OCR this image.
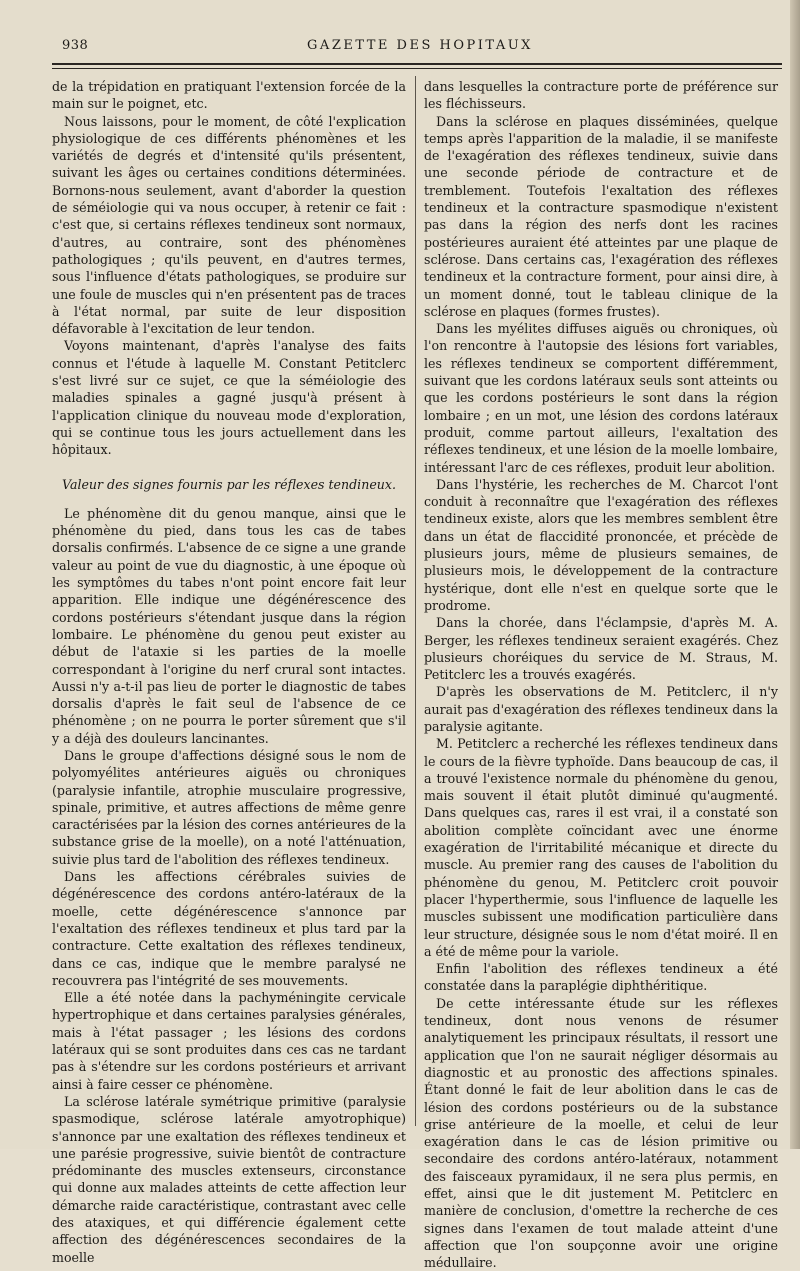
938	GAZETTE DES HOPITAUX

de la trépidation en pratiquant l'extension forcée de la main sur le poignet, etc.

Nous laissons, pour le moment, de côté l'explication physiologique de ces différents phénomènes et les variétés de degrés et d'intensité qu'ils présentent, suivant les âges ou certaines conditions déterminées. Bornons-nous seulement, avant d'aborder la question de séméiologie qui va nous occuper, à retenir ce fait : c'est que, si certains réflexes tendineux sont normaux, d'autres, au contraire, sont des phénomènes pathologiques ; qu'ils peuvent, en d'autres termes, sous l'influence d'états pathologiques, se produire sur une foule de muscles qui n'en présentent pas de traces à l'état normal, par suite de leur disposition défavorable à l'excitation de leur tendon.

Voyons maintenant, d'après l'analyse des faits connus et l'étude à laquelle M. Constant Petitclerc s'est livré sur ce sujet, ce que la séméiologie des maladies spinales a gagné jusqu'à présent à l'application clinique du nouveau mode d'exploration, qui se continue tous les jours actuellement dans les hôpitaux.

Valeur des signes fournis par les réflexes tendineux.

Le phénomène dit du genou manque, ainsi que le phénomène du pied, dans tous les cas de tabes dorsalis confirmés. L'absence de ce signe a une grande valeur au point de vue du diagnostic, à une époque où les symptômes du tabes n'ont point encore fait leur apparition. Elle indique une dégénérescence des cordons postérieurs s'étendant jusque dans la région lombaire. Le phénomène du genou peut exister au début de l'ataxie si les parties de la moelle correspondant à l'origine du nerf crural sont intactes. Aussi n'y a-t-il pas lieu de porter le diagnostic de tabes dorsalis d'après le fait seul de l'absence de ce phénomène ; on ne pourra le porter sûrement que s'il y a déjà des douleurs lancinantes.

Dans le groupe d'affections désigné sous le nom de polyomyélites antérieures aiguës ou chroniques (paralysie infantile, atrophie musculaire progressive, spinale, primitive, et autres affections de même genre caractérisées par la lésion des cornes antérieures de la substance grise de la moelle), on a noté l'atténuation, suivie plus tard de l'abolition des réflexes tendineux.

Dans les affections cérébrales suivies de dégénérescence des cordons antéro-latéraux de la moelle, cette dégénérescence s'annonce par l'exaltation des réflexes tendineux et plus tard par la contracture. Cette exaltation des réflexes tendineux, dans ce cas, indique que le membre paralysé ne recouvrera pas l'intégrité de ses mouvements.

Elle a été notée dans la pachyméningite cervicale hypertrophique et dans certaines paralysies générales, mais à l'état passager ; les lésions des cordons latéraux qui se sont produites dans ces cas ne tardant pas à s'étendre sur les cordons postérieurs et arrivant ainsi à faire cesser ce phénomène.

La sclérose latérale symétrique primitive (paralysie spasmodique, sclérose latérale amyotrophique) s'annonce par une exaltation des réflexes tendineux et une parésie progressive, suivie bientôt de contracture prédominante des muscles extenseurs, circonstance qui donne aux malades atteints de cette affection leur démarche raide caractéristique, contrastant avec celle des ataxiques, et qui différencie également cette affection des dégénérescences secondaires de la moelle

dans lesquelles la contracture porte de préférence sur les fléchisseurs.

Dans la sclérose en plaques disséminées, quelque temps après l'apparition de la maladie, il se manifeste de l'exagération des réflexes tendineux, suivie dans une seconde période de contracture et de tremblement. Toutefois l'exaltation des réflexes tendineux et la contracture spasmodique n'existent pas dans la région des nerfs dont les racines postérieures auraient été atteintes par une plaque de sclérose. Dans certains cas, l'exagération des réflexes tendineux et la contracture forment, pour ainsi dire, à un moment donné, tout le tableau clinique de la sclérose en plaques (formes frustes).

Dans les myélites diffuses aiguës ou chroniques, où l'on rencontre à l'autopsie des lésions fort variables, les réflexes tendineux se comportent différemment, suivant que les cordons latéraux seuls sont atteints ou que les cordons postérieurs le sont dans la région lombaire ; en un mot, une lésion des cordons latéraux produit, comme partout ailleurs, l'exaltation des réflexes tendineux, et une lésion de la moelle lombaire, intéressant l'arc de ces réflexes, produit leur abolition.

Dans l'hystérie, les recherches de M. Charcot l'ont conduit à reconnaître que l'exagération des réflexes tendineux existe, alors que les membres semblent être dans un état de flaccidité prononcée, et précède de plusieurs jours, même de plusieurs semaines, de plusieurs mois, le développement de la contracture hystérique, dont elle n'est en quelque sorte que le prodrome.

Dans la chorée, dans l'éclampsie, d'après M. A. Berger, les réflexes tendineux seraient exagérés. Chez plusieurs choréiques du service de M. Straus, M. Petitclerc les a trouvés exagérés.

D'après les observations de M. Petitclerc, il n'y aurait pas d'exagération des réflexes tendineux dans la paralysie agitante.

M. Petitclerc a recherché les réflexes tendineux dans le cours de la fièvre typhoïde. Dans beaucoup de cas, il a trouvé l'existence normale du phénomène du genou, mais souvent il était plutôt diminué qu'augmenté. Dans quelques cas, rares il est vrai, il a constaté son abolition complète coïncidant avec une énorme exagération de l'irritabilité mécanique et directe du muscle. Au premier rang des causes de l'abolition du phénomène du genou, M. Petitclerc croit pouvoir placer l'hyperthermie, sous l'influence de laquelle les muscles subissent une modification particulière dans leur structure, désignée sous le nom d'état moiré. Il en a été de même pour la variole.

Enfin l'abolition des réflexes tendineux a été constatée dans la paraplégie diphthéritique.

De cette intéressante étude sur les réflexes tendineux, dont nous venons de résumer analytiquement les principaux résultats, il ressort une application que l'on ne saurait négliger désormais au diagnostic et au pronostic des affections spinales. Étant donné le fait de leur abolition dans le cas de lésion des cordons postérieurs ou de la substance grise antérieure de la moelle, et celui de leur exagération dans le cas de lésion primitive ou secondaire des cordons antéro-latéraux, notamment des faisceaux pyramidaux, il ne sera plus permis, en effet, ainsi que le dit justement M. Petitclerc en manière de conclusion, d'omettre la recherche de ces signes dans l'examen de tout malade atteint d'une affection que l'on soupçonne avoir une origine médullaire.
